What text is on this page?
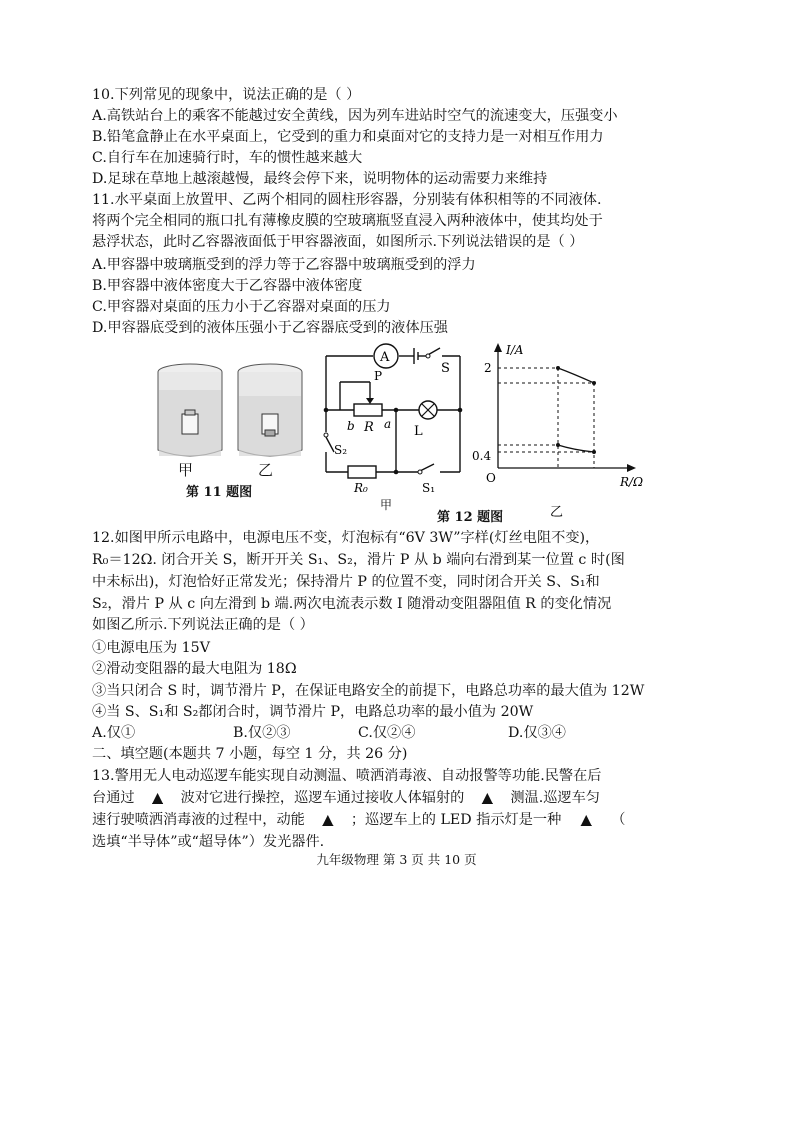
10.下列常见的现象中，说法正确的是（ ）
A.高铁站台上的乘客不能越过安全黄线，因为列车进站时空气的流速变大，压强变小
B.铅笔盒静止在水平桌面上，它受到的重力和桌面对它的支持力是一对相互作用力
C.自行车在加速骑行时，车的惯性越来越大
D.足球在草地上越滚越慢，最终会停下来，说明物体的运动需要力来维持
11.水平桌面上放置甲、乙两个相同的圆柱形容器，分别装有体积相等的不同液体.
将两个完全相同的瓶口扎有薄橡皮膜的空玻璃瓶竖直浸入两种液体中，使其均处于
悬浮状态，此时乙容器液面低于甲容器液面，如图所示.下列说法错误的是（ ）
A.甲容器中玻璃瓶受到的浮力等于乙容器中玻璃瓶受到的浮力
B.甲容器中液体密度大于乙容器中液体密度
C.甲容器对桌面的压力小于乙容器对桌面的压力
D.甲容器底受到的液体压强小于乙容器底受到的液体压强
甲	乙
第 11 题图
A
S
P
b R a L
S₂
R₀	S₁
甲
第 12 题图
I/A
2
0.4
O	R/Ω
乙
12.如图甲所示电路中，电源电压不变，灯泡标有“6V 3W”字样(灯丝电阻不变)，
R₀＝12Ω. 闭合开关 S，断开开关 S₁、S₂，滑片 P 从 b 端向右滑到某一位置 c 时(图
中未标出)，灯泡恰好正常发光；保持滑片 P 的位置不变，同时闭合开关 S、S₁和
S₂，滑片 P 从 c 向左滑到 b 端.两次电流表示数 I 随滑动变阻器阻值 R 的变化情况
如图乙所示.下列说法正确的是（ ）
①电源电压为 15V
②滑动变阻器的最大电阻为 18Ω
③当只闭合 S 时，调节滑片 P，在保证电路安全的前提下，电路总功率的最大值为 12W
④当 S、S₁和 S₂都闭合时，调节滑片 P，电路总功率的最小值为 20W
A.仅①	B.仅②③	C.仅②④	D.仅③④
二、填空题(本题共 7 小题，每空 1 分，共 26 分)
13.警用无人电动巡逻车能实现自动测温、喷洒消毒液、自动报警等功能.民警在后
台通过 ▲ 波对它进行操控，巡逻车通过接收人体辐射的 ▲ 测温.巡逻车匀
速行驶喷洒消毒液的过程中，动能 ▲ ；巡逻车上的 LED 指示灯是一种 ▲ （
选填“半导体”或“超导体”）发光器件.
九年级物理 第 3 页 共 10 页
